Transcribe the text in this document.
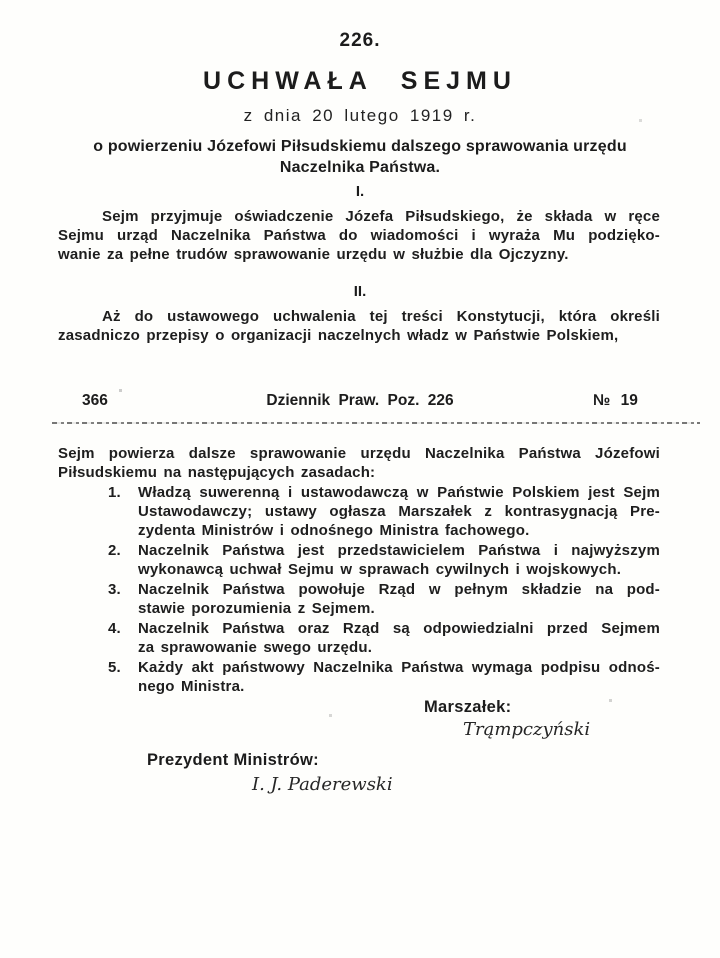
226.
UCHWAŁA SEJMU
z dnia 20 lutego 1919 r.
o powierzeniu Józefowi Piłsudskiemu dalszego sprawowania urzędu
Naczelnika Państwa.
I.
Sejm przyjmuje oświadczenie Józefa Piłsudskiego, że składa w ręce
Sejmu urząd Naczelnika Państwa do wiadomości i wyraża Mu podzięko-
wanie za pełne trudów sprawowanie urzędu w służbie dla Ojczyzny.
II.
Aż do ustawowego uchwalenia tej treści Konstytucji, która określi
zasadniczo przepisy o organizacji naczelnych władz w Państwie Polskiem,
366	Dziennik Praw. Poz. 226	№ 19
Sejm powierza dalsze sprawowanie urzędu Naczelnika Państwa Józefowi
Piłsudskiemu na następujących zasadach:
1. Władzą suwerenną i ustawodawczą w Państwie Polskiem jest Sejm
Ustawodawczy; ustawy ogłasza Marszałek z kontrasygnacją Pre-
zydenta Ministrów i odnośnego Ministra fachowego.
2. Naczelnik Państwa jest przedstawicielem Państwa i najwyższym
wykonawcą uchwał Sejmu w sprawach cywilnych i wojskowych.
3. Naczelnik Państwa powołuje Rząd w pełnym składzie na pod-
stawie porozumienia z Sejmem.
4. Naczelnik Państwa oraz Rząd są odpowiedzialni przed Sejmem
za sprawowanie swego urzędu.
5. Każdy akt państwowy Naczelnika Państwa wymaga podpisu odnoś-
nego Ministra.
Marszałek:
Trąmpczyński
Prezydent Ministrów:
I. J. Paderewski
